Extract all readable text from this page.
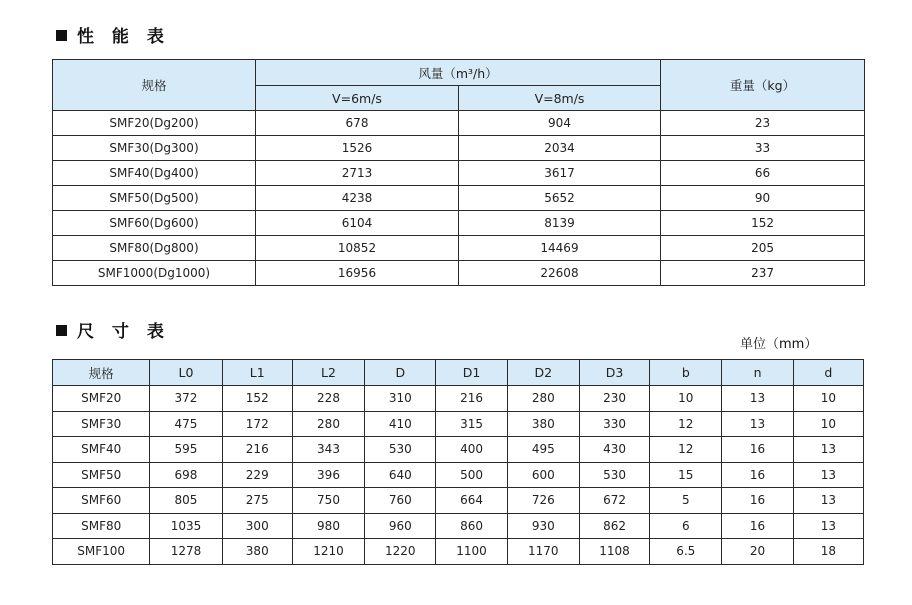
性 能 表
规格	风量（m³/h）		重量（kg）
	V=6m/s	V=8m/s	
SMF20(Dg200)	678	904	23
SMF30(Dg300)	1526	2034	33
SMF40(Dg400)	2713	3617	66
SMF50(Dg500)	4238	5652	90
SMF60(Dg600)	6104	8139	152
SMF80(Dg800)	10852	14469	205
SMF1000(Dg1000)	16956	22608	237
尺 寸 表
单位（mm）
规格	L0	L1	L2	D	D1	D2	D3	b	n	d
SMF20	372	152	228	310	216	280	230	10	13	10
SMF30	475	172	280	410	315	380	330	12	13	10
SMF40	595	216	343	530	400	495	430	12	16	13
SMF50	698	229	396	640	500	600	530	15	16	13
SMF60	805	275	750	760	664	726	672	5	16	13
SMF80	1035	300	980	960	860	930	862	6	16	13
SMF100	1278	380	1210	1220	1100	1170	1108	6.5	20	18
